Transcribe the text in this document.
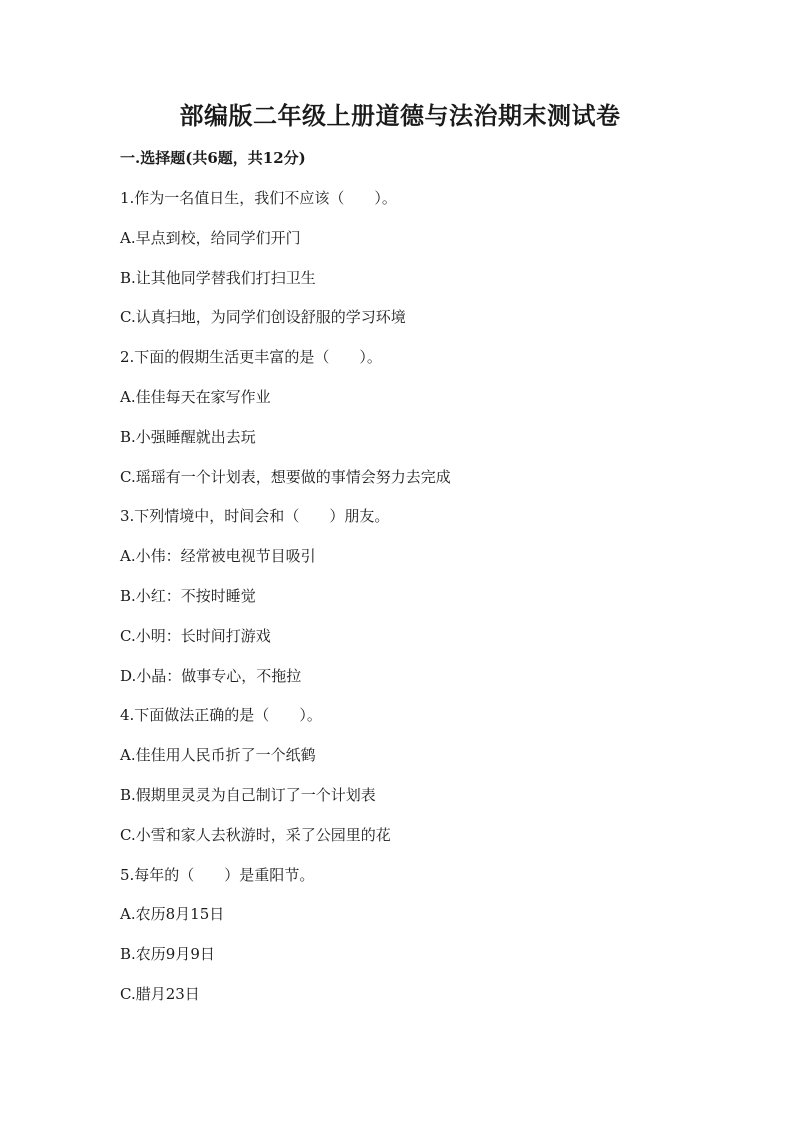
部编版二年级上册道德与法治期末测试卷
一.选择题(共6题，共12分)
1.作为一名值日生，我们不应该（　　）。
A.早点到校，给同学们开门
B.让其他同学替我们打扫卫生
C.认真扫地，为同学们创设舒服的学习环境
2.下面的假期生活更丰富的是（　　）。
A.佳佳每天在家写作业
B.小强睡醒就出去玩
C.瑶瑶有一个计划表，想要做的事情会努力去完成
3.下列情境中，时间会和（　　）朋友。
A.小伟：经常被电视节目吸引
B.小红：不按时睡觉
C.小明：长时间打游戏
D.小晶：做事专心，不拖拉
4.下面做法正确的是（　　）。
A.佳佳用人民币折了一个纸鹤
B.假期里灵灵为自己制订了一个计划表
C.小雪和家人去秋游时，采了公园里的花
5.每年的（　　）是重阳节。
A.农历8月15日
B.农历9月9日
C.腊月23日
